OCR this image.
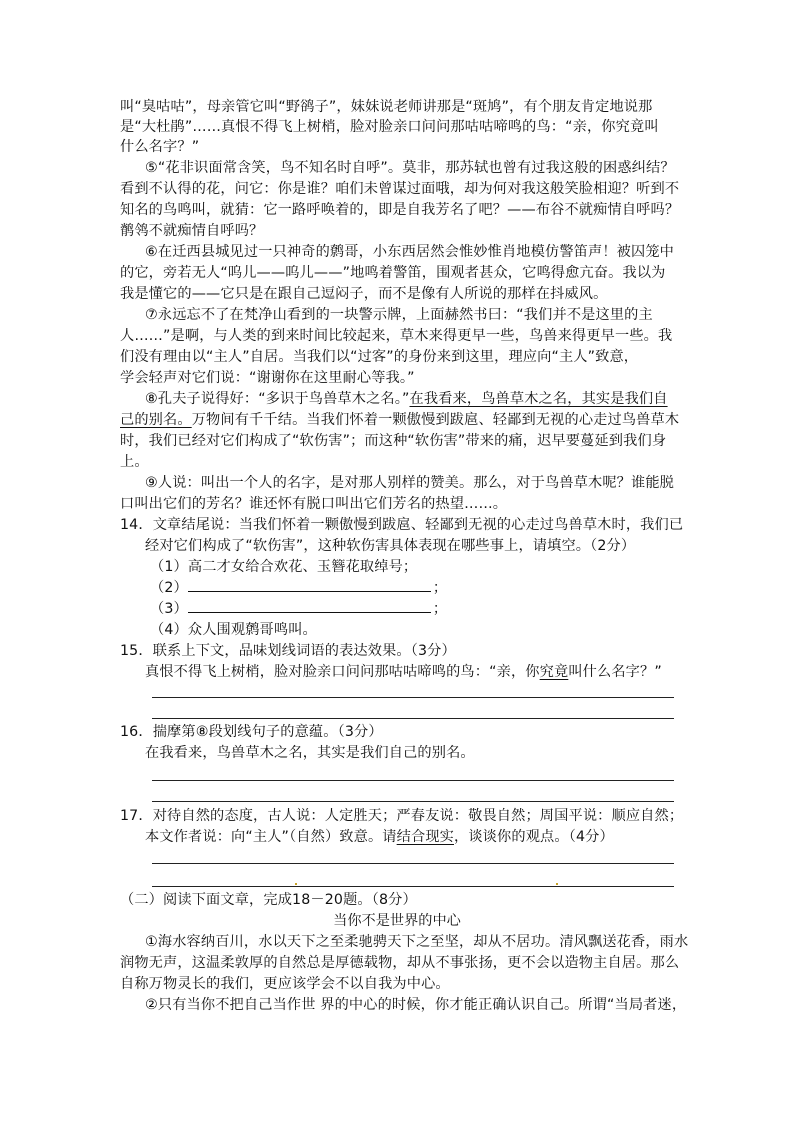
叫“臭咕咕”，母亲管它叫“野鹆子”，妹妹说老师讲那是“斑鸠”，有个朋友肯定地说那
是“大杜鹃”……真恨不得飞上树梢，脸对脸亲口问问那咕咕啼鸣的鸟：“亲，你究竟叫
什么名字？”
⑤“花非识面常含笑，鸟不知名时自呼”。莫非，那苏轼也曾有过我这般的困惑纠结？
看到不认得的花，问它：你是谁？咱们未曾谋过面哦，却为何对我这般笑脸相迎？听到不
知名的鸟鸣叫，就猜：它一路呼唤着的，即是自我芳名了吧？——布谷不就痴情自呼吗？
鹡鸰不就痴情自呼吗？
⑥在迁西县城见过一只神奇的鹩哥，小东西居然会惟妙惟肖地模仿警笛声！被囚笼中
的它，旁若无人“呜儿——呜儿——”地鸣着警笛，围观者甚众，它鸣得愈亢奋。我以为
我是懂它的——它只是在跟自己逗闷子，而不是像有人所说的那样在抖威风。
⑦永远忘不了在梵净山看到的一块警示牌，上面赫然书曰：“我们并不是这里的主
人……”是啊，与人类的到来时间比较起来，草木来得更早一些，鸟兽来得更早一些。我
们没有理由以“主人”自居。当我们以“过客”的身份来到这里，理应向“主人”致意，
学会轻声对它们说：“谢谢你在这里耐心等我。”
⑧孔夫子说得好：“多识于鸟兽草木之名。”在我看来，鸟兽草木之名，其实是我们自
己的别名。万物间有千千结。当我们怀着一颗傲慢到跋扈、轻鄙到无视的心走过鸟兽草木
时，我们已经对它们构成了“软伤害”；而这种“软伤害”带来的痛，迟早要蔓延到我们身
上。
⑨人说：叫出一个人的名字，是对那人别样的赞美。那么，对于鸟兽草木呢？谁能脱
口叫出它们的芳名？谁还怀有脱口叫出它们芳名的热望……。
14．文章结尾说：当我们怀着一颗傲慢到跋扈、轻鄙到无视的心走过鸟兽草木时，我们已
经对它们构成了“软伤害”，这种软伤害具体表现在哪些事上，请填空。（2分）
（1）高二才女给合欢花、玉簪花取绰号；
（2）	；
（3）	；
（4）众人围观鹩哥鸣叫。
15．联系上下文，品味划线词语的表达效果。（3分）
真恨不得飞上树梢，脸对脸亲口问问那咕咕啼鸣的鸟：“亲，你究竟叫什么名字？”
16．揣摩第⑧段划线句子的意蕴。（3分）
在我看来，鸟兽草木之名，其实是我们自己的别名。
17．对待自然的态度，古人说：人定胜天；严春友说：敬畏自然；周国平说：顺应自然；
本文作者说：向“主人”（自然）致意。请结合现实，谈谈你的观点。（4分）
（二）阅读下面文章，完成18－20题。（8分）
当你不是世界的中心
①海水容纳百川，水以天下之至柔驰骋天下之至坚，却从不居功。清风飘送花香，雨水
润物无声，这温柔敦厚的自然总是厚德载物，却从不事张扬，更不会以造物主自居。那么
自称万物灵长的我们，更应该学会不以自我为中心。
②只有当你不把自己当作世 界的中心的时候，你才能正确认识自己。所谓“当局者迷，
